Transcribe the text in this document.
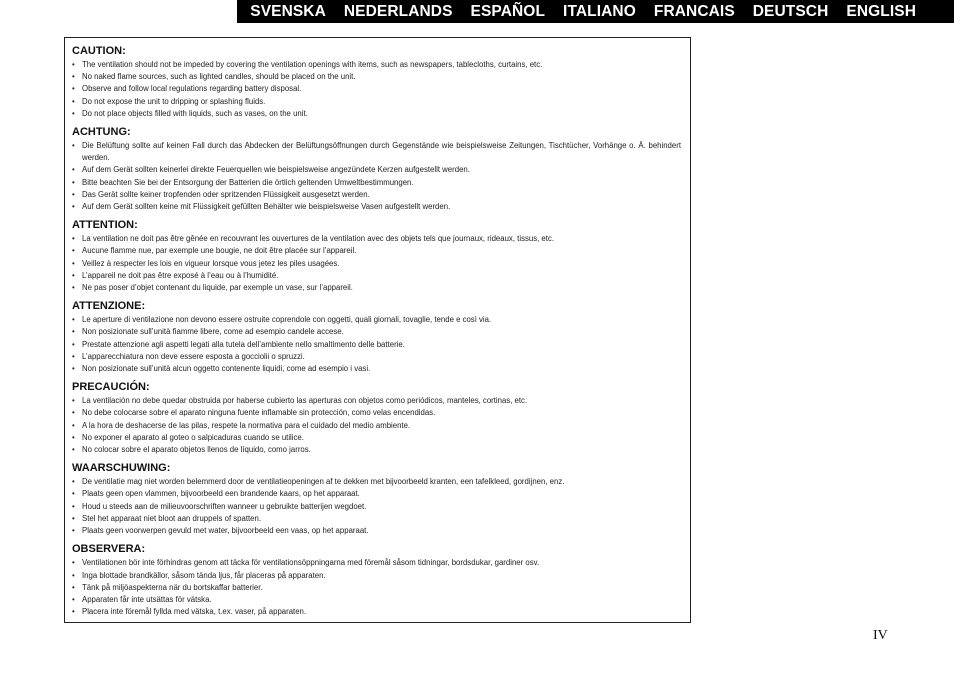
SVENSKA NEDERLANDS ESPAÑOL ITALIANO FRANCAIS DEUTSCH ENGLISH
CAUTION:
• The ventilation should not be impeded by covering the ventilation openings with items, such as newspapers, tablecloths, curtains, etc.
• No naked flame sources, such as lighted candles, should be placed on the unit.
• Observe and follow local regulations regarding battery disposal.
• Do not expose the unit to dripping or splashing fluids.
• Do not place objects filled with liquids, such as vases, on the unit.
ACHTUNG:
• Die Belüftung sollte auf keinen Fall durch das Abdecken der Belüftungsöffnungen durch Gegenstände wie beispielsweise Zeitungen, Tischtücher, Vorhänge o. Ä. behindert werden.
• Auf dem Gerät sollten keinerlei direkte Feuerquellen wie beispielsweise angezündete Kerzen aufgestellt werden.
• Bitte beachten Sie bei der Entsorgung der Batterien die örtlich geltenden Umweltbestimmungen.
• Das Gerät sollte keiner tropfenden oder spritzenden Flüssigkeit ausgesetzt werden.
• Auf dem Gerät sollten keine mit Flüssigkeit gefüllten Behälter wie beispielsweise Vasen aufgestellt werden.
ATTENTION:
• La ventilation ne doit pas être gênée en recouvrant les ouvertures de la ventilation avec des objets tels que journaux, rideaux, tissus, etc.
• Aucune flamme nue, par exemple une bougie, ne doit être placée sur l’appareil.
• Veillez à respecter les lois en vigueur lorsque vous jetez les piles usagées.
• L’appareil ne doit pas être exposé à l’eau ou à l’humidité.
• Ne pas poser d’objet contenant du liquide, par exemple un vase, sur l’appareil.
ATTENZIONE:
• Le aperture di ventilazione non devono essere ostruite coprendole con oggetti, quali giornali, tovaglie, tende e così via.
• Non posizionate sull’unità fiamme libere, come ad esempio candele accese.
• Prestate attenzione agli aspetti legati alla tutela dell’ambiente nello smaltimento delle batterie.
• L’apparecchiatura non deve essere esposta a gocciolii o spruzzi.
• Non posizionate sull’unità alcun oggetto contenente liquidi, come ad esempio i vasi.
PRECAUCIÓN:
• La ventilación no debe quedar obstruida por haberse cubierto las aperturas con objetos como periódicos, manteles, cortinas, etc.
• No debe colocarse sobre el aparato ninguna fuente inflamable sin protección, como velas encendidas.
• A la hora de deshacerse de las pilas, respete la normativa para el cuidado del medio ambiente.
• No exponer el aparato al goteo o salpicaduras cuando se utilice.
• No colocar sobre el aparato objetos llenos de líquido, como jarros.
WAARSCHUWING:
• De ventilatie mag niet worden belemmerd door de ventilatieopeningen af te dekken met bijvoorbeeld kranten, een tafelkleed, gordijnen, enz.
• Plaats geen open vlammen, bijvoorbeeld een brandende kaars, op het apparaat.
• Houd u steeds aan de milieuvoorschriften wanneer u gebruikte batterijen wegdoet.
• Stel het apparaat niet bloot aan druppels of spatten.
• Plaats geen voorwerpen gevuld met water, bijvoorbeeld een vaas, op het apparaat.
OBSERVERA:
• Ventilationen bör inte förhindras genom att täcka för ventilationsöppningarna med föremål såsom tidningar, bordsdukar, gardiner osv.
• Inga blottade brandkällor, såsom tända ljus, får placeras på apparaten.
• Tänk på miljöaspekterna när du bortskaffar batterier.
• Apparaten får inte utsättas för vätska.
• Placera inte föremål fyllda med vätska, t.ex. vaser, på apparaten.
IV
